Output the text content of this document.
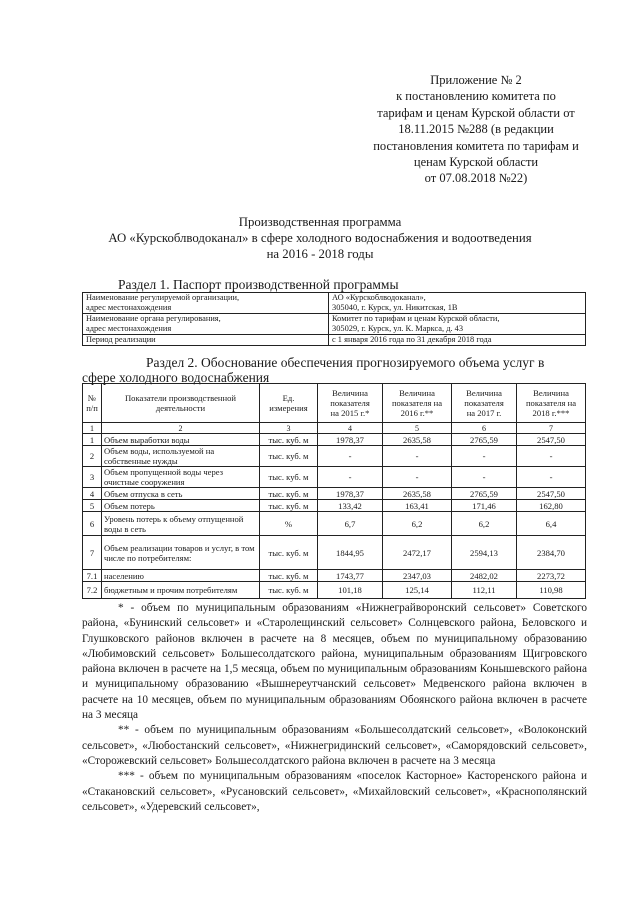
Приложение № 2
к постановлению комитета по
тарифам и ценам Курской области от
18.11.2015 №288 (в редакции
постановления комитета по тарифам и
ценам Курской области
от 07.08.2018 №22)
Производственная программа
АО «Курскоблводоканал» в сфере холодного водоснабжения и водоотведения
на 2016 - 2018 годы
Раздел 1. Паспорт производственной программы
Наименование регулируемой организации,
адрес местонахождения	АО «Курскоблводоканал»,
305040, г. Курск, ул. Никитская, 1В
Наименование органа регулирования,
адрес местонахождения	Комитет по тарифам и ценам Курской области,
305029, г. Курск, ул. К. Маркса, д. 43
Период реализации	с 1 января 2016 года по 31 декабря 2018 года
Раздел 2. Обоснование обеспечения прогнозируемого объема услуг в
сфере холодного водоснабжения
№
п/п	Показатели производственной
деятельности	Ед.
измерения	Величина
показателя
на 2015 г.*	Величина
показателя на
2016 г.**	Величина
показателя
на 2017 г.	Величина
показателя на
2018 г.***
1	2	3	4	5	6	7
1	Объем выработки воды	тыс. куб. м	1978,37	2635,58	2765,59	2547,50
2	Объем воды, используемой на собственные нужды	тыс. куб. м	-	-	-	-
3	Объем пропущенной воды через очистные сооружения	тыс. куб. м	-	-	-	-
4	Объем отпуска в сеть	тыс. куб. м	1978,37	2635,58	2765,59	2547,50
5	Объем потерь	тыс. куб. м	133,42	163,41	171,46	162,80
6	Уровень потерь к объему отпущенной воды в сеть	%	6,7	6,2	6,2	6,4
7	Объем реализации товаров и услуг, в том числе по потребителям:	тыс. куб. м	1844,95	2472,17	2594,13	2384,70
7.1	населению	тыс. куб. м	1743,77	2347,03	2482,02	2273,72
7.2	бюджетным и прочим потребителям	тыс. куб. м	101,18	125,14	112,11	110,98

* - объем по муниципальным образованиям «Нижнеграйворонский сельсовет» Советского района, «Бунинский сельсовет» и «Старолещинский сельсовет» Солнцевского района, Беловского и Глушковского районов включен в расчете на 8 месяцев, объем по муниципальному образованию «Любимовский сельсовет» Большесолдатского района, муниципальным образованиям Щигровского района включен в расчете на 1,5 месяца, объем по муниципальным образованиям Конышевского района и муниципальному образованию «Вышнереутчанский сельсовет» Медвенского района включен в расчете на 10 месяцев, объем по муниципальным образованиям Обоянского района включен в расчете на 3 месяца

** - объем по муниципальным образованиям «Большесолдатский сельсовет», «Волоконский сельсовет», «Любостанский сельсовет», «Нижнегридинский сельсовет», «Саморядовский сельсовет», «Сторожевский сельсовет» Большесолдатского района включен в расчете на 3 месяца

*** - объем по муниципальным образованиям «поселок Касторное» Касторенского района и «Стакановский сельсовет», «Русановский сельсовет», «Михайловский сельсовет», «Краснополянский сельсовет», «Удеревский сельсовет»,
